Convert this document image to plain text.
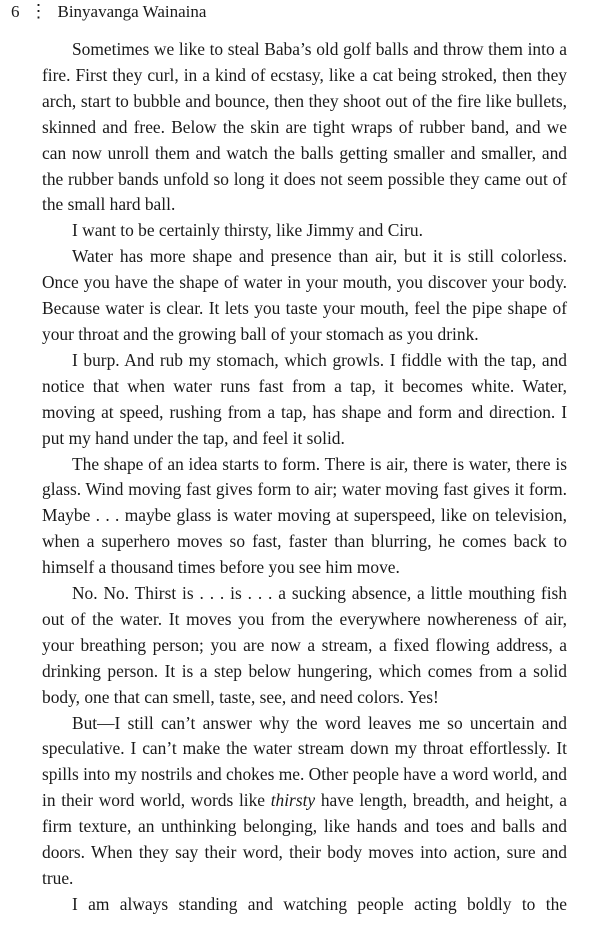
6 ⋮ Binyavanga Wainaina

Sometimes we like to steal Baba’s old golf balls and throw them into a fire. First they curl, in a kind of ecstasy, like a cat being stroked, then they arch, start to bubble and bounce, then they shoot out of the fire like bullets, skinned and free. Below the skin are tight wraps of rubber band, and we can now unroll them and watch the balls getting smaller and smaller, and the rubber bands unfold so long it does not seem possible they came out of the small hard ball.

I want to be certainly thirsty, like Jimmy and Ciru.

Water has more shape and presence than air, but it is still colorless. Once you have the shape of water in your mouth, you discover your body. Because water is clear. It lets you taste your mouth, feel the pipe shape of your throat and the growing ball of your stomach as you drink.

I burp. And rub my stomach, which growls. I fiddle with the tap, and notice that when water runs fast from a tap, it becomes white. Water, moving at speed, rushing from a tap, has shape and form and direction. I put my hand under the tap, and feel it solid.

The shape of an idea starts to form. There is air, there is water, there is glass. Wind moving fast gives form to air; water moving fast gives it form. Maybe . . . maybe glass is water moving at superspeed, like on television, when a superhero moves so fast, faster than blurring, he comes back to himself a thousand times before you see him move.

No. No. Thirst is . . . is . . . a sucking absence, a little mouthing fish out of the water. It moves you from the everywhere nowhereness of air, your breathing person; you are now a stream, a fixed flowing address, a drinking person. It is a step below hungering, which comes from a solid body, one that can smell, taste, see, and need colors. Yes!

But—I still can’t answer why the word leaves me so uncertain and speculative. I can’t make the water stream down my throat effortlessly. It spills into my nostrils and chokes me. Other people have a word world, and in their word world, words like thirsty have length, breadth, and height, a firm texture, an unthinking belonging, like hands and toes and balls and doors. When they say their word, their body moves into action, sure and true.

I am always standing and watching people acting boldly to the
